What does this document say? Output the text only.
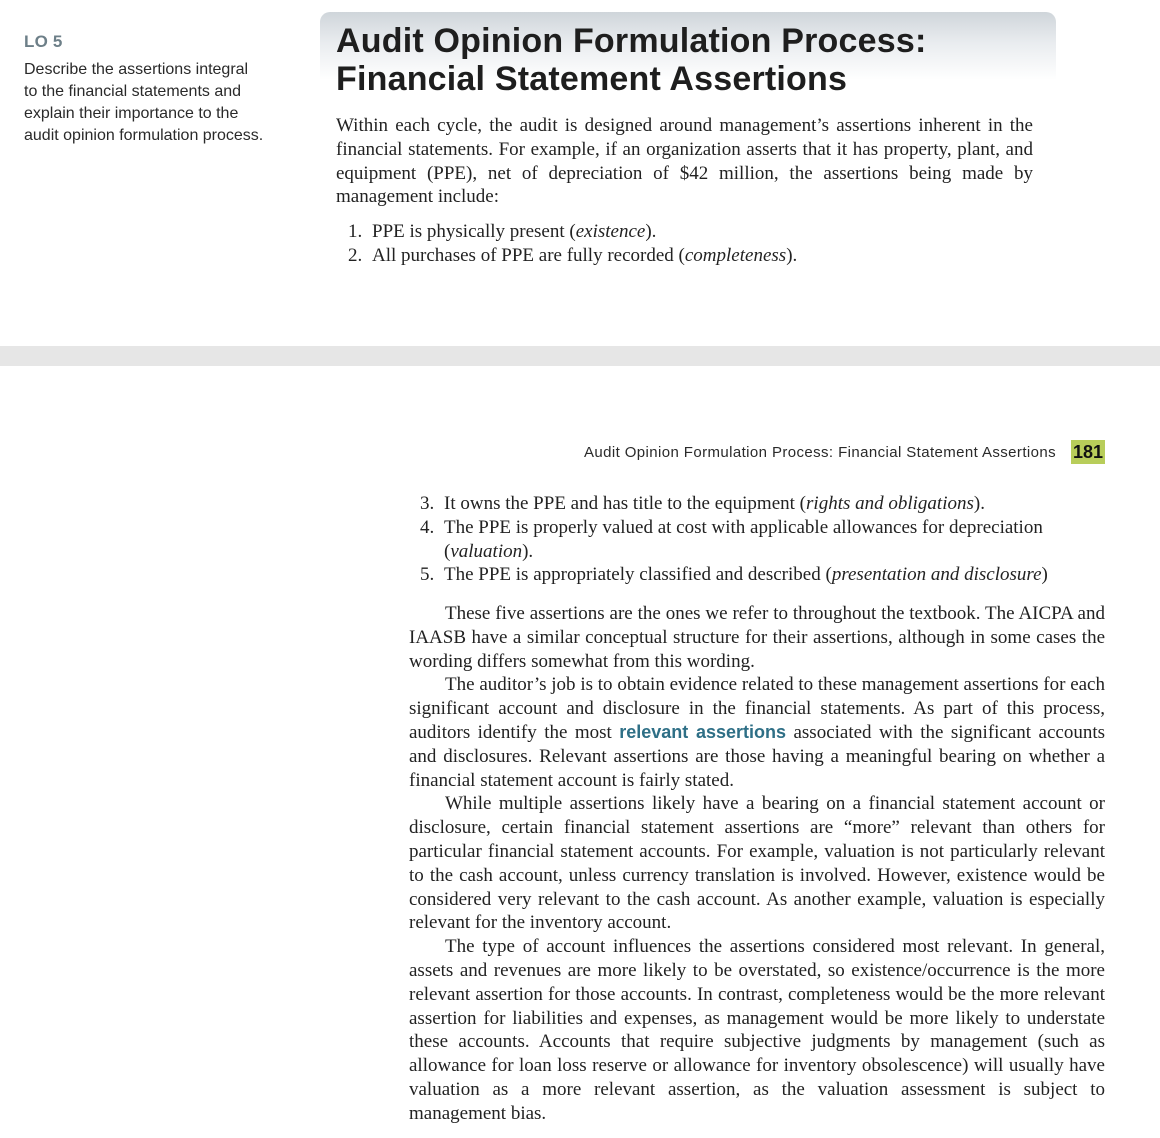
LO 5

Describe the assertions integral to the financial statements and explain their importance to the audit opinion formulation process.

Audit Opinion Formulation Process:
Financial Statement Assertions

Within each cycle, the audit is designed around management’s assertions inherent in the financial statements. For example, if an organization asserts that it has property, plant, and equipment (PPE), net of depreciation of $42 million, the assertions being made by management include:

1. PPE is physically present (existence).
2. All purchases of PPE are fully recorded (completeness).

Audit Opinion Formulation Process: Financial Statement Assertions 181
3. It owns the PPE and has title to the equipment (rights and obligations).
4. The PPE is properly valued at cost with applicable allowances for depreciation (valuation).
5. The PPE is appropriately classified and described (presentation and disclosure)

These five assertions are the ones we refer to throughout the textbook. The AICPA and IAASB have a similar conceptual structure for their assertions, although in some cases the wording differs somewhat from this wording.

The auditor’s job is to obtain evidence related to these management assertions for each significant account and disclosure in the financial statements. As part of this process, auditors identify the most relevant assertions associated with the significant accounts and disclosures. Relevant assertions are those having a meaningful bearing on whether a financial statement account is fairly stated.

While multiple assertions likely have a bearing on a financial statement account or disclosure, certain financial statement assertions are “more” relevant than others for particular financial statement accounts. For example, valuation is not particularly relevant to the cash account, unless currency translation is involved. However, existence would be considered very relevant to the cash account. As another example, valuation is especially relevant for the inventory account.

The type of account influences the assertions considered most relevant. In general, assets and revenues are more likely to be overstated, so existence/occurrence is the more relevant assertion for those accounts. In contrast, completeness would be the more relevant assertion for liabilities and expenses, as management would be more likely to understate these accounts. Accounts that require subjective judgments by management (such as allowance for loan loss reserve or allowance for inventory obsolescence) will usually have valuation as a more relevant assertion, as the valuation assessment is subject to management bias.
